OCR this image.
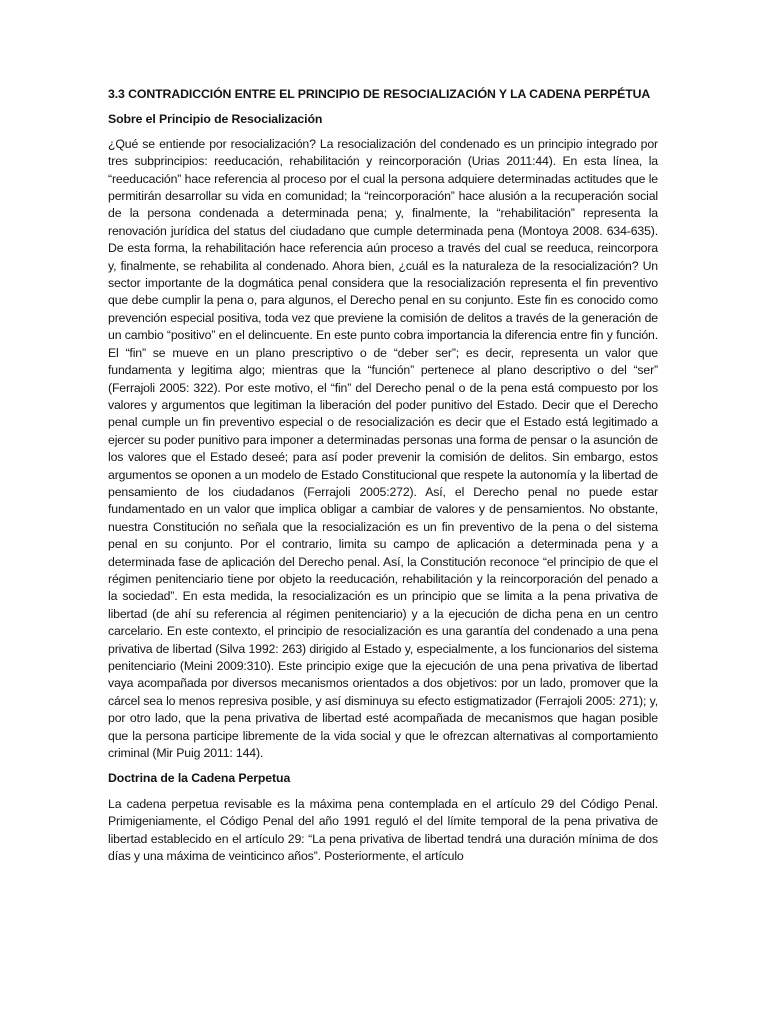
3.3 CONTRADICCIÓN ENTRE EL PRINCIPIO DE RESOCIALIZACIÓN Y LA CADENA PERPÉTUA

Sobre el Principio de Resocialización

¿Qué se entiende por resocialización? La resocialización del condenado es un principio integrado por tres subprincipios: reeducación, rehabilitación y reincorporación (Urias 2011:44). En esta línea, la “reeducación” hace referencia al proceso por el cual la persona adquiere determinadas actitudes que le permitirán desarrollar su vida en comunidad; la “reincorporación” hace alusión a la recuperación social de la persona condenada a determinada pena; y, finalmente, la “rehabilitación” representa la renovación jurídica del status del ciudadano que cumple determinada pena (Montoya 2008. 634-635). De esta forma, la rehabilitación hace referencia aún proceso a través del cual se reeduca, reincorpora y, finalmente, se rehabilita al condenado. Ahora bien, ¿cuál es la naturaleza de la resocialización? Un sector importante de la dogmática penal considera que la resocialización representa el fin preventivo que debe cumplir la pena o, para algunos, el Derecho penal en su conjunto. Este fin es conocido como prevención especial positiva, toda vez que previene la comisión de delitos a través de la generación de un cambio “positivo” en el delincuente. En este punto cobra importancia la diferencia entre fin y función. El “fin” se mueve en un plano prescriptivo o de “deber ser”; es decir, representa un valor que fundamenta y legitima algo; mientras que la “función” pertenece al plano descriptivo o del “ser” (Ferrajoli 2005: 322). Por este motivo, el “fin” del Derecho penal o de la pena está compuesto por los valores y argumentos que legitiman la liberación del poder punitivo del Estado. Decir que el Derecho penal cumple un fin preventivo especial o de resocialización es decir que el Estado está legitimado a ejercer su poder punitivo para imponer a determinadas personas una forma de pensar o la asunción de los valores que el Estado deseé; para así poder prevenir la comisión de delitos. Sin embargo, estos argumentos se oponen a un modelo de Estado Constitucional que respete la autonomía y la libertad de pensamiento de los ciudadanos (Ferrajoli 2005:272). Así, el Derecho penal no puede estar fundamentado en un valor que implica obligar a cambiar de valores y de pensamientos. No obstante, nuestra Constitución no señala que la resocialización es un fin preventivo de la pena o del sistema penal en su conjunto. Por el contrario, limita su campo de aplicación a determinada pena y a determinada fase de aplicación del Derecho penal. Así, la Constitución reconoce “el principio de que el régimen penitenciario tiene por objeto la reeducación, rehabilitación y la reincorporación del penado a la sociedad”. En esta medida, la resocialización es un principio que se limita a la pena privativa de libertad (de ahí su referencia al régimen penitenciario) y a la ejecución de dicha pena en un centro carcelario. En este contexto, el principio de resocialización es una garantía del condenado a una pena privativa de libertad (Silva 1992: 263) dirigido al Estado y, especialmente, a los funcionarios del sistema penitenciario (Meini 2009:310). Este principio exige que la ejecución de una pena privativa de libertad vaya acompañada por diversos mecanismos orientados a dos objetivos: por un lado, promover que la cárcel sea lo menos represiva posible, y así disminuya su efecto estigmatizador (Ferrajoli 2005: 271); y, por otro lado, que la pena privativa de libertad esté acompañada de mecanismos que hagan posible que la persona participe libremente de la vida social y que le ofrezcan alternativas al comportamiento criminal (Mir Puig 2011: 144).

Doctrina de la Cadena Perpetua

La cadena perpetua revisable es la máxima pena contemplada en el artículo 29 del Código Penal. Primigeniamente, el Código Penal del año 1991 reguló el del límite temporal de la pena privativa de libertad establecido en el artículo 29: “La pena privativa de libertad tendrá una duración mínima de dos días y una máxima de veinticinco años”. Posteriormente, el artículo
